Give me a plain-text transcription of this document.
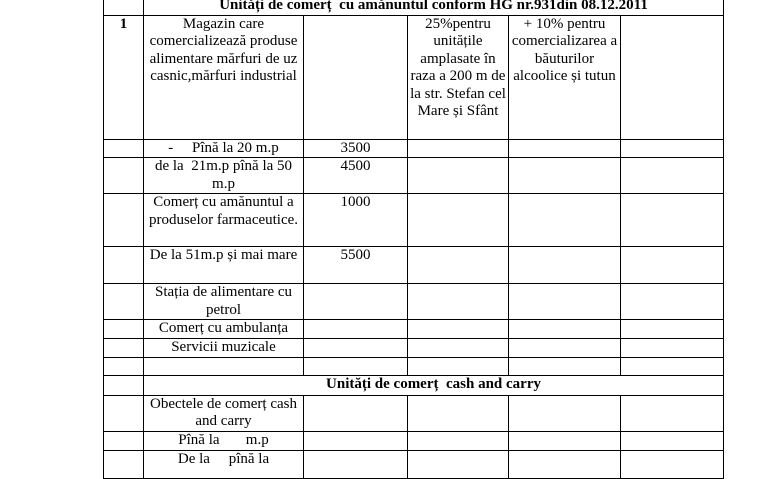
	Unități de comerț  cu amănuntul conform HG nr.931din 08.12.2011				
1	Magazin care comercializează produse alimentare mărfuri de uz casnic,mărfuri industrial		25%pentru unitățile amplasate în raza a 200 m de la str. Stefan cel Mare și Sfânt	+ 10% pentru comercializarea a băuturilor alcoolice și tutun	
	-     Pînă la 20 m.p	3500			
	de la  21m.p pînă la 50 m.p	4500			
	Comerț cu amănuntul a produselor farmaceutice.	1000			
	De la 51m.p și mai mare	5500			
	Stația de alimentare cu petrol				
	Comerț cu ambulanța				
	Servicii muzicale				

	Unități de comerț  cash and carry				
	Obectele de comerț cash and carry				
	Pînă la       m.p				
	De la     pînă la				
